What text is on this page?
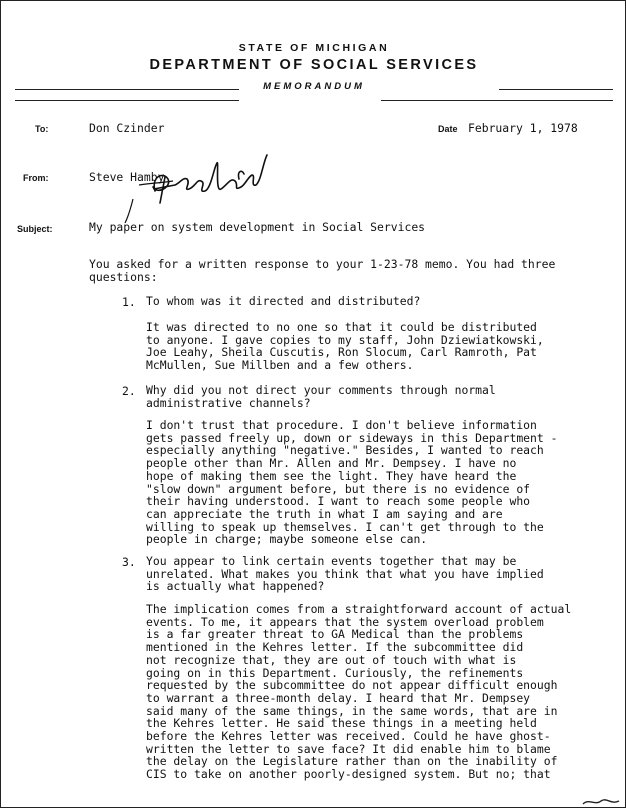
STATE OF MICHIGAN
DEPARTMENT OF SOCIAL SERVICES
MEMORANDUM
To:	Don Czinder	Date February 1, 1978
From:	Steve Hamby
Subject:	My paper on system development in Social Services
You asked for a written response to your 1-23-78 memo. You had three
questions:
1. To whom was it directed and distributed?
It was directed to no one so that it could be distributed
to anyone. I gave copies to my staff, John Dziewiatkowski,
Joe Leahy, Sheila Cuscutis, Ron Slocum, Carl Ramroth, Pat
McMullen, Sue Millben and a few others.
2. Why did you not direct your comments through normal
administrative channels?
I don't trust that procedure. I don't believe information
gets passed freely up, down or sideways in this Department -
especially anything "negative." Besides, I wanted to reach
people other than Mr. Allen and Mr. Dempsey. I have no
hope of making them see the light. They have heard the
"slow down" argument before, but there is no evidence of
their having understood. I want to reach some people who
can appreciate the truth in what I am saying and are
willing to speak up themselves. I can't get through to the
people in charge; maybe someone else can.
3. You appear to link certain events together that may be
unrelated. What makes you think that what you have implied
is actually what happened?
The implication comes from a straightforward account of actual
events. To me, it appears that the system overload problem
is a far greater threat to GA Medical than the problems
mentioned in the Kehres letter. If the subcommittee did
not recognize that, they are out of touch with what is
going on in this Department. Curiously, the refinements
requested by the subcommittee do not appear difficult enough
to warrant a three-month delay. I heard that Mr. Dempsey
said many of the same things, in the same words, that are in
the Kehres letter. He said these things in a meeting held
before the Kehres letter was received. Could he have ghost-
written the letter to save face? It did enable him to blame
the delay on the Legislature rather than on the inability of
CIS to take on another poorly-designed system. But no; that
